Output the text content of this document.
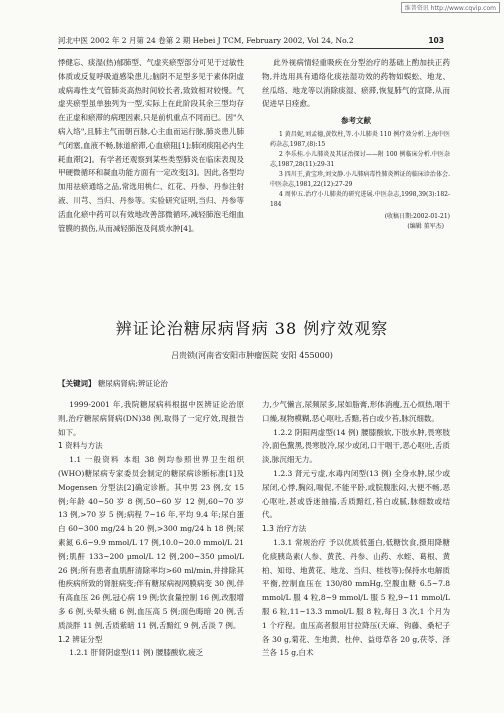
维普资讯 http://www.cqvip.com
河北中医 2002 年 2 月第 24 卷第 2 期 Hebei J TCM, February 2002, Vol 24, No.2	103

悸健忘、痰湿(热)郁肺型、气虚夹瘀型部分可见于过敏性体质或反复呼吸道感染患儿;脑阴不足型多见于素体阴虚或病毒性支气管肺炎高热时间较长者,致致相对较慢。气虚夹瘀型虽单独列为一型,实际上在此阶段其余三型均存在正虚和瘀滞的病理因素,只是前机重点不同而已。因"久病入络",且肺主气而朝百脉,心主血而运行脉,肺炎患儿肺气闭塞,血液不畅,脉道瘀滞,心血瘀阻[1];肺闭痰阻必内生耗血滞[2]。有学者还观察到某些类型肺炎在临床表现及甲硬微循环和凝血功能方面有一定改变[3]。因此,各型均加用祛瘀通络之品,常选用桃仁、红花、丹参、丹参注射液、川芎、当归、丹参等。实验研究证明,当归、丹参等活血化瘀中药可以有效地改善部微循环,减轻肺泡毛细血管膜的损伤,从而减轻肺泡及间质水肿[4]。

此外视病情轻重吸疾在分型治疗的基础上酌加扶正药物,并选用具有通络化痰祛湿功效的药物如蜈蚣、地龙、丝瓜络、地龙等以消除痰湿、瘀滞,恢复肺气的宣降,从而促进早日痊愈。

参考文献

1 黄昌妮,刘孟德,黄钦柱,等.小儿肺炎 110 例疗效分析.上海中医药杂志,1987,(8):15

2 李乐桂.小儿肺炎及其证治探讨——附 100 例临床分析.中医杂志,1987,28(11):29-31

3 四川王,黄宝珍,刘文静.小儿肺病毒性肺炎辨证的临床诊治体会.中医杂志,1981,22(12):27-29

4 周仲五.治疗小儿肺炎的研究进展.中医杂志,1998,39(3):182-184

(收稿日期:2002-01-21)
(编辑 董军杰)
辨证论治糖尿病肾病 38 例疗效观察
吕贵锁(河南省安阳市肿瘤医院 安阳 455000)
【关键词】 糖尿病肾病;辨证论治

1999-2001 年,我院糖尿病科根据中医辨证论治原则,治疗糖尿病肾病(DN)38 例,取得了一定疗效,现报告如下。

1 资料与方法

1.1 一般资料 本组 38 例均参照世界卫生组织(WHO)糖尿病专家委员会制定的糖尿病诊断标准[1]及 Mogensen 分型法[2]确定诊断。其中男 23 例,女 15 例;年龄 40~50 岁 8 例,50~60 岁 12 例,60~70 岁 13 例,>70 岁 5 例;病程 7~16 年,平均 9.4 年;尿白蛋白 60~300 mg/24 h 20 例,>300 mg/24 h 18 例;尿素氮 6.6~9.9 mmol/L 17 例,10.0~20.0 mmol/L 21 例;肌酐 133~200 μmol/L 12 例,200~350 μmol/L 26 例;所有患者血肌酐清除率均>60 ml/min,并排除其他疾病所致的肾脏病变;伴有糖尿病视网膜病变 30 例,伴有高血压 26 例,冠心病 19 例;饮食量控制 16 例,改服增多 6 例,头晕头痛 6 例,血压高 5 例;面色晦暗 20 例,舌质淡胖 11 例,舌质紫暗 11 例,舌黯红 9 例,舌淡 7 例。

1.2 辨证分型

1.2.1 肝肾阴虚型(11 例) 腰膝酸软,疲乏

力,少气懒言,尿频尿多,尿如脂膏,形体消瘦,五心烦热,咽干口燥,视物模糊,恶心呕吐,舌黯,苔白或少苔,脉沉细数。

1.2.2 阴阳两虚型(14 例) 腰膝酸软,下肢水肿,畏寒肢冷,面色黧黑,畏寒肢冷,尿少或闭,口干咽干,恶心呕吐,舌质淡,脉沉细无力。

1.2.3 肾元亏虚,水毒内闭型(13 例) 全身水肿,尿少或尿闭,心悸,胸闷,喘促,不能平卧,或脘腹胀闷,大便不畅,恶心呕吐,甚或昏迷抽搐,舌质黯红,苔白或腻,脉细数或结代。

1.3 治疗方法

1.3.1 常规治疗 予以优质低蛋白,低糖饮食,摄用降糖化痰胰岛素(人参、黄芪、丹参、山药、水蛭、葛根、黄柏、知母、地黄花、地龙、当归、桂枝等);保持水电解质平衡,控制血压在 130/80 mmHg,空腹血糖 6.5~7.8 mmol/L 服 4 粒,8~9 mmol/L 服 5 粒,9~11 mmol/L 服 6 粒,11~13.3 mmol/L 服 8 粒,每日 3 次,1 个月为 1 个疗程。血压高者服用甘拉降压(天麻、钩藤、桑杞子各 30 g,菊花、生地黄、杜仲、益母草各 20 g,茯苓、泽兰各 15 g,白术
